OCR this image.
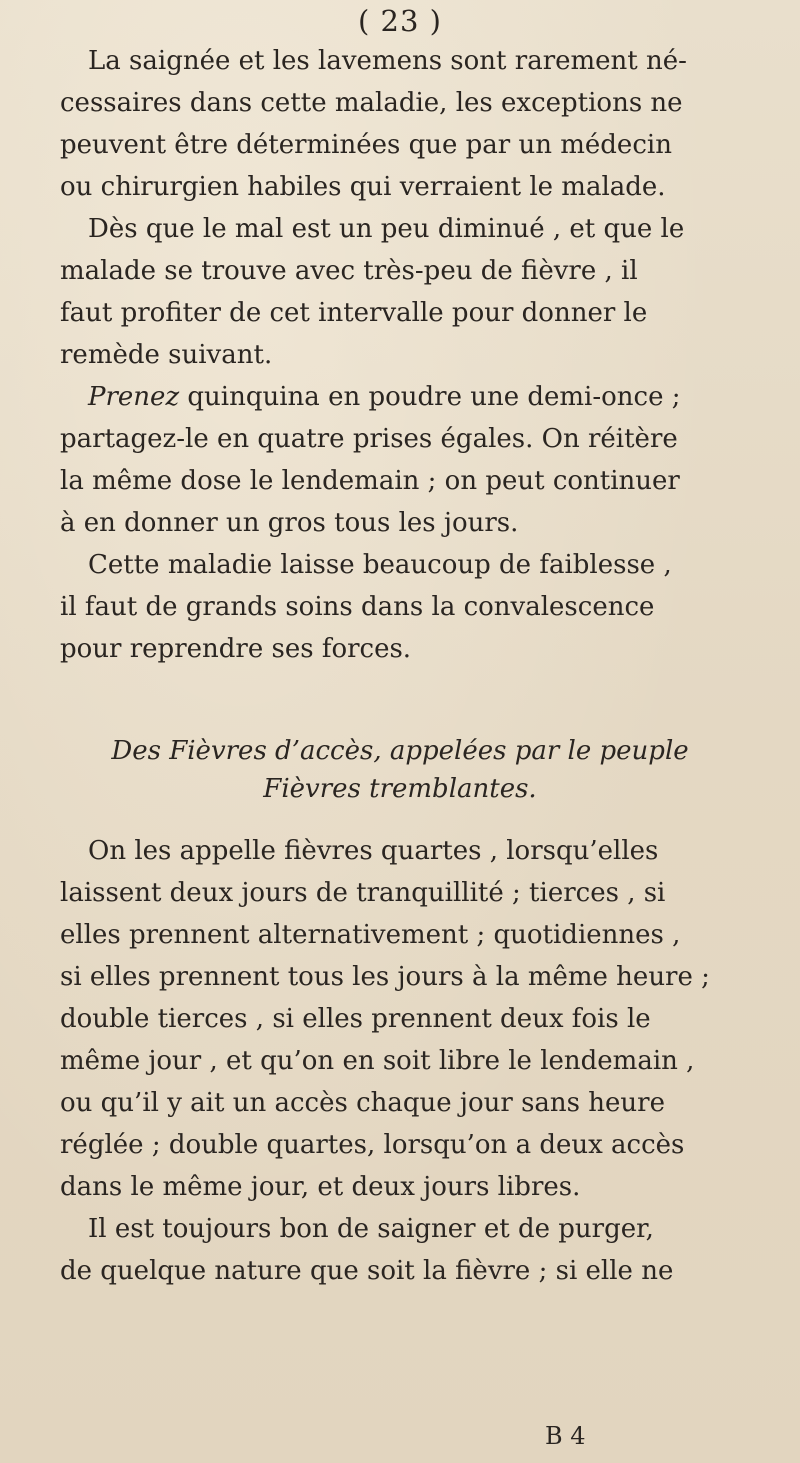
( 23 )
La saignée et les lavemens sont rarement né-
cessaires dans cette maladie, les exceptions ne
peuvent être déterminées que par un médecin
ou chirurgien habiles qui verraient le malade.
Dès que le mal est un peu diminué , et que le
malade se trouve avec très-peu de fièvre , il
faut profiter de cet intervalle pour donner le
remède suivant.
Prenez quinquina en poudre une demi-once ;
partagez-le en quatre prises égales. On réitère
la même dose le lendemain ; on peut continuer
à en donner un gros tous les jours.
Cette maladie laisse beaucoup de faiblesse ,
il faut de grands soins dans la convalescence
pour reprendre ses forces.
Des Fièvres d’accès, appelées par le peuple
Fièvres tremblantes.
On les appelle fièvres quartes , lorsqu’elles
laissent deux jours de tranquillité ; tierces , si
elles prennent alternativement ; quotidiennes ,
si elles prennent tous les jours à la même heure ;
double tierces , si elles prennent deux fois le
même jour , et qu’on en soit libre le lendemain ,
ou qu’il y ait un accès chaque jour sans heure
réglée ; double quartes, lorsqu’on a deux accès
dans le même jour, et deux jours libres.
Il est toujours bon de saigner et de purger,
de quelque nature que soit la fièvre ; si elle ne
B 4
